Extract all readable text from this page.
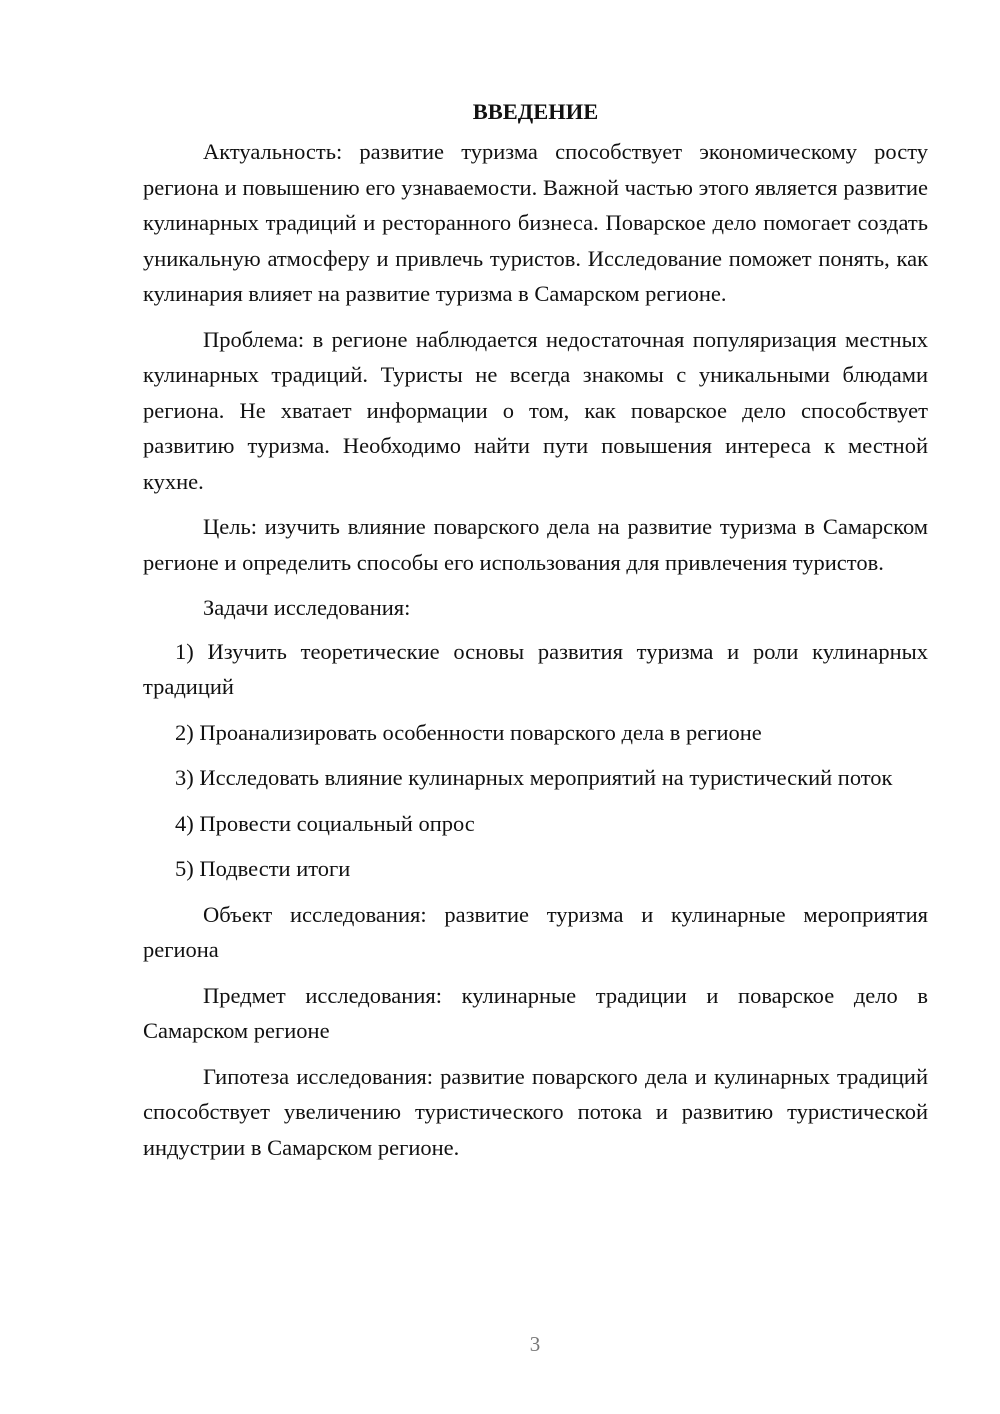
ВВЕДЕНИЕ

Актуальность: развитие туризма способствует экономическому росту региона и повышению его узнаваемости. Важной частью этого является развитие кулинарных традиций и ресторанного бизнеса. Поварское дело помогает создать уникальную атмосферу и привлечь туристов. Исследование поможет понять, как кулинария влияет на развитие туризма в Самарском регионе.

Проблема: в регионе наблюдается недостаточная популяризация местных кулинарных традиций. Туристы не всегда знакомы с уникальными блюдами региона. Не хватает информации о том, как поварское дело способствует развитию туризма. Необходимо найти пути повышения интереса к местной кухне.

Цель: изучить влияние поварского дела на развитие туризма в Самарском регионе и определить способы его использования для привлечения туристов.

Задачи исследования:

1) Изучить теоретические основы развития туризма и роли кулинарных традиций

2) Проанализировать особенности поварского дела в регионе

3) Исследовать влияние кулинарных мероприятий на туристический поток

4) Провести социальный опрос

5) Подвести итоги

Объект исследования: развитие туризма и кулинарные мероприятия региона

Предмет исследования: кулинарные традиции и поварское дело в Самарском регионе

Гипотеза исследования: развитие поварского дела и кулинарных традиций способствует увеличению туристического потока и развитию туристической индустрии в Самарском регионе.

3
